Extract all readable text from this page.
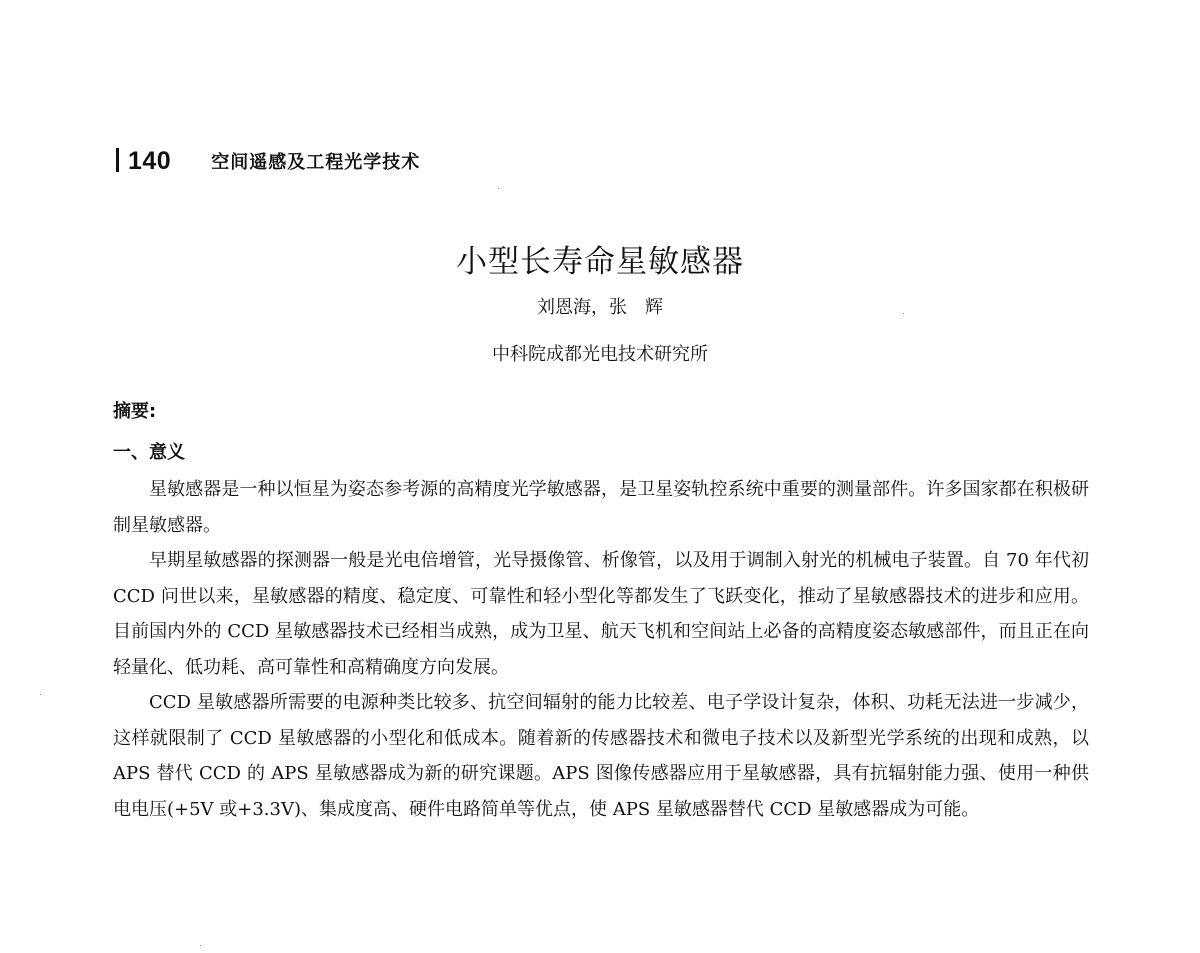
140 空间遥感及工程光学技术
小型长寿命星敏感器
刘恩海，张　辉
中科院成都光电技术研究所
摘要:
一、意义

星敏感器是一种以恒星为姿态参考源的高精度光学敏感器，是卫星姿轨控系统中重要的测量部件。许多国家都在积极研制星敏感器。

早期星敏感器的探测器一般是光电倍增管，光导摄像管、析像管，以及用于调制入射光的机械电子装置。自 70 年代初 CCD 问世以来，星敏感器的精度、稳定度、可靠性和轻小型化等都发生了飞跃变化，推动了星敏感器技术的进步和应用。目前国内外的 CCD 星敏感器技术已经相当成熟，成为卫星、航天飞机和空间站上必备的高精度姿态敏感部件，而且正在向轻量化、低功耗、高可靠性和高精确度方向发展。

CCD 星敏感器所需要的电源种类比较多、抗空间辐射的能力比较差、电子学设计复杂，体积、功耗无法进一步减少，这样就限制了 CCD 星敏感器的小型化和低成本。随着新的传感器技术和微电子技术以及新型光学系统的出现和成熟，以 APS 替代 CCD 的 APS 星敏感器成为新的研究课题。APS 图像传感器应用于星敏感器，具有抗辐射能力强、使用一种供电电压(+5V 或+3.3V)、集成度高、硬件电路简单等优点，使 APS 星敏感器替代 CCD 星敏感器成为可能。
